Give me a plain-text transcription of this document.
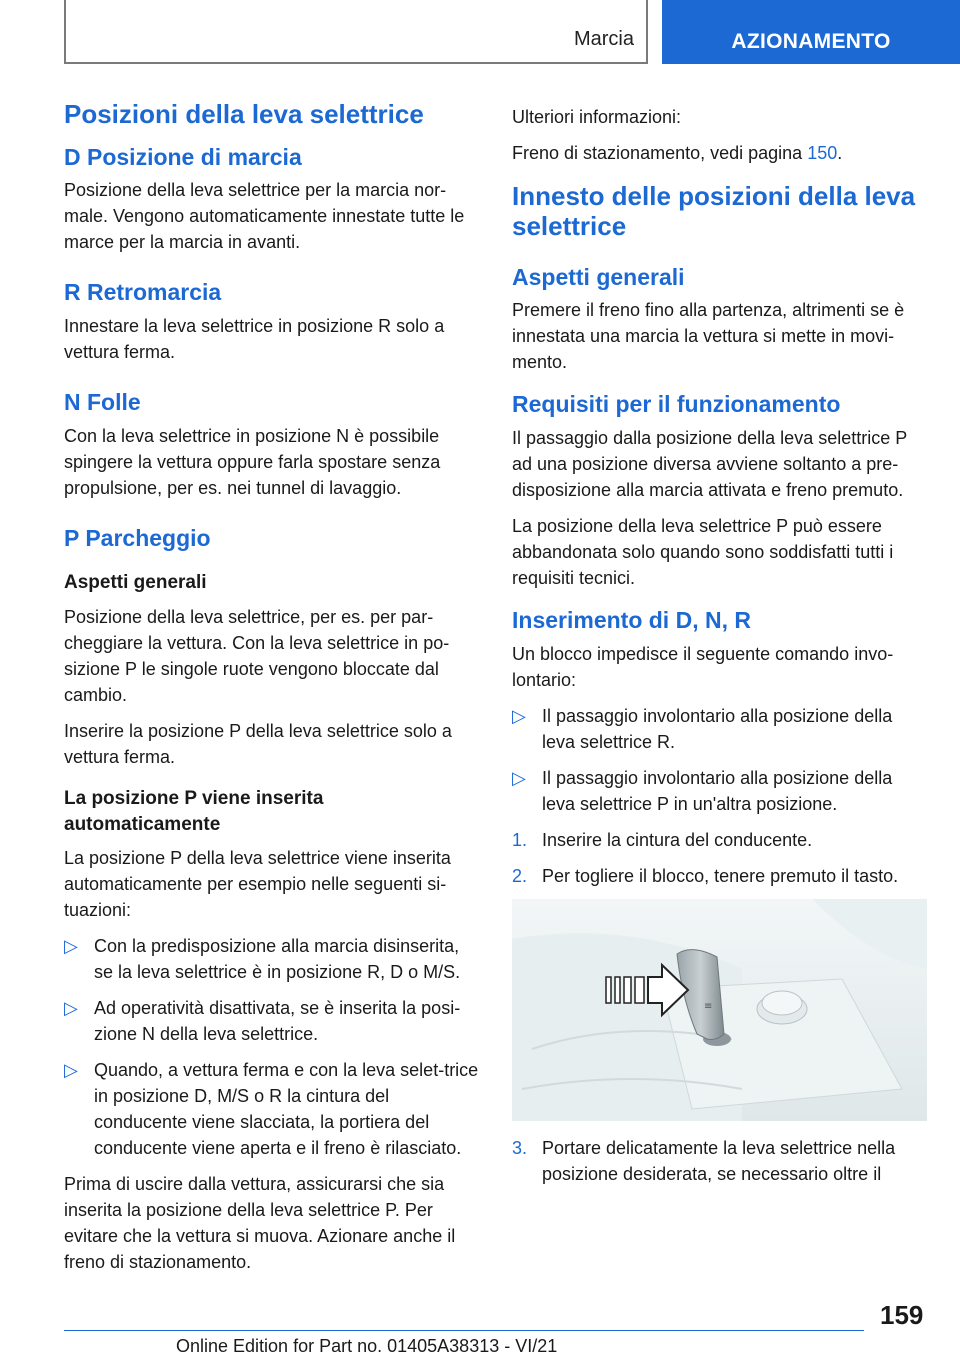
Marcia	AZIONAMENTO
Posizioni della leva selettrice
D Posizione di marcia

Posizione della leva selettrice per la marcia nor-male. Vengono automaticamente innestate tutte le marce per la marcia in avanti.

R Retromarcia

Innestare la leva selettrice in posizione R solo a vettura ferma.

N Folle

Con la leva selettrice in posizione N è possibile spingere la vettura oppure farla spostare senza propulsione, per es. nei tunnel di lavaggio.

P Parcheggio
Aspetti generali

Posizione della leva selettrice, per es. per par-cheggiare la vettura. Con la leva selettrice in po-sizione P le singole ruote vengono bloccate dal cambio.

Inserire la posizione P della leva selettrice solo a vettura ferma.

La posizione P viene inserita automaticamente

La posizione P della leva selettrice viene inserita automaticamente per esempio nelle seguenti si-tuazioni:

▷ Con la predisposizione alla marcia disinserita, se la leva selettrice è in posizione R, D o M/S.
▷ Ad operatività disattivata, se è inserita la posi-zione N della leva selettrice.
▷ Quando, a vettura ferma e con la leva selet-trice in posizione D, M/S o R la cintura del conducente viene slacciata, la portiera del conducente viene aperta e il freno è rilasciato.

Prima di uscire dalla vettura, assicurarsi che sia inserita la posizione della leva selettrice P. Per evitare che la vettura si muova. Azionare anche il freno di stazionamento.

Ulteriori informazioni:

Freno di stazionamento, vedi pagina 150.

Innesto delle posizioni della leva selettrice
Aspetti generali

Premere il freno fino alla partenza, altrimenti se è innestata una marcia la vettura si mette in movi-mento.

Requisiti per il funzionamento

Il passaggio dalla posizione della leva selettrice P ad una posizione diversa avviene soltanto a pre-disposizione alla marcia attivata e freno premuto.

La posizione della leva selettrice P può essere abbandonata solo quando sono soddisfatti tutti i requisiti tecnici.

Inserimento di D, N, R

Un blocco impedisce il seguente comando invo-lontario:

▷ Il passaggio involontario alla posizione della leva selettrice R.
▷ Il passaggio involontario alla posizione della leva selettrice P in un'altra posizione.
1. Inserire la cintura del conducente.
2. Per togliere il blocco, tenere premuto il tasto.
≡
3. Portare delicatamente la leva selettrice nella posizione desiderata, se necessario oltre il
159
Online Edition for Part no. 01405A38313 - VI/21
